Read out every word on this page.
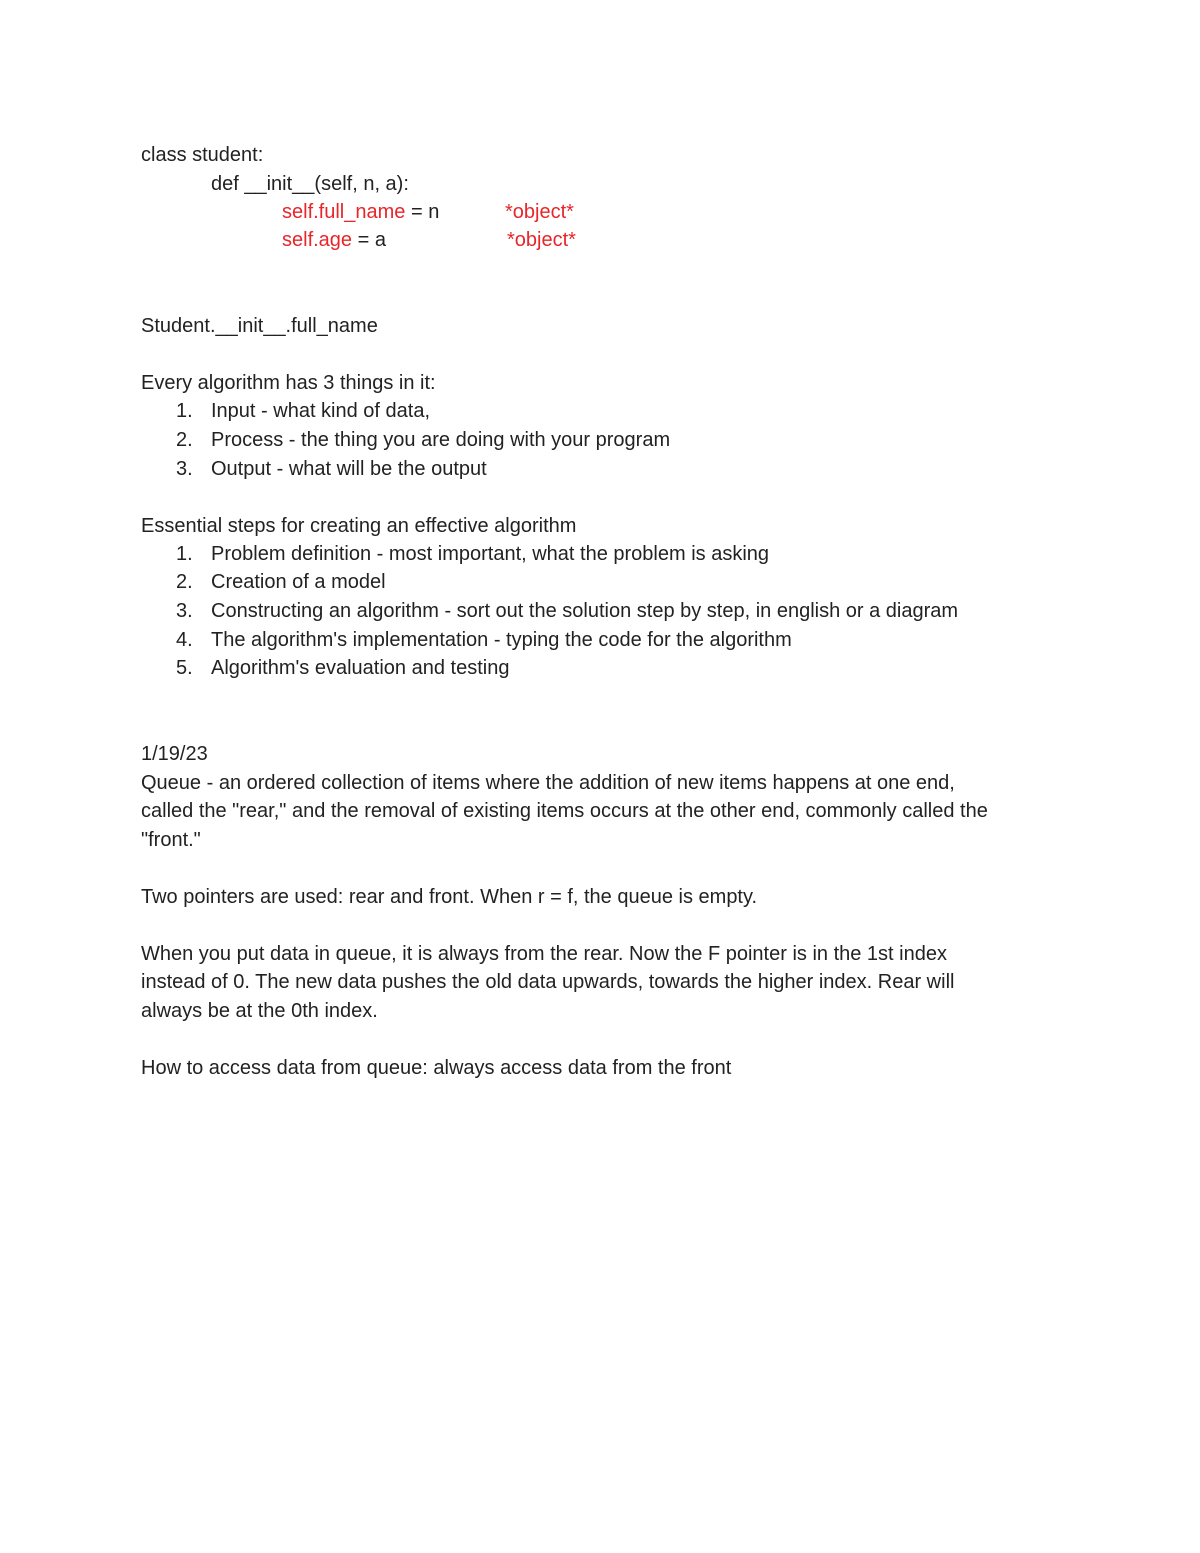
class student:
def __init__(self, n, a):
self.full_name = n	*object*
self.age = a	*object*
Student.__init__.full_name
Every algorithm has 3 things in it:
1. Input - what kind of data,
2. Process - the thing you are doing with your program
3. Output - what will be the output
Essential steps for creating an effective algorithm
1. Problem definition - most important, what the problem is asking
2. Creation of a model
3. Constructing an algorithm - sort out the solution step by step, in english or a diagram
4. The algorithm's implementation - typing the code for the algorithm
5. Algorithm's evaluation and testing
1/19/23
Queue - an ordered collection of items where the addition of new items happens at one end,
called the "rear," and the removal of existing items occurs at the other end, commonly called the
"front."
Two pointers are used: rear and front. When r = f, the queue is empty.
When you put data in queue, it is always from the rear. Now the F pointer is in the 1st index
instead of 0. The new data pushes the old data upwards, towards the higher index. Rear will
always be at the 0th index.
How to access data from queue: always access data from the front
